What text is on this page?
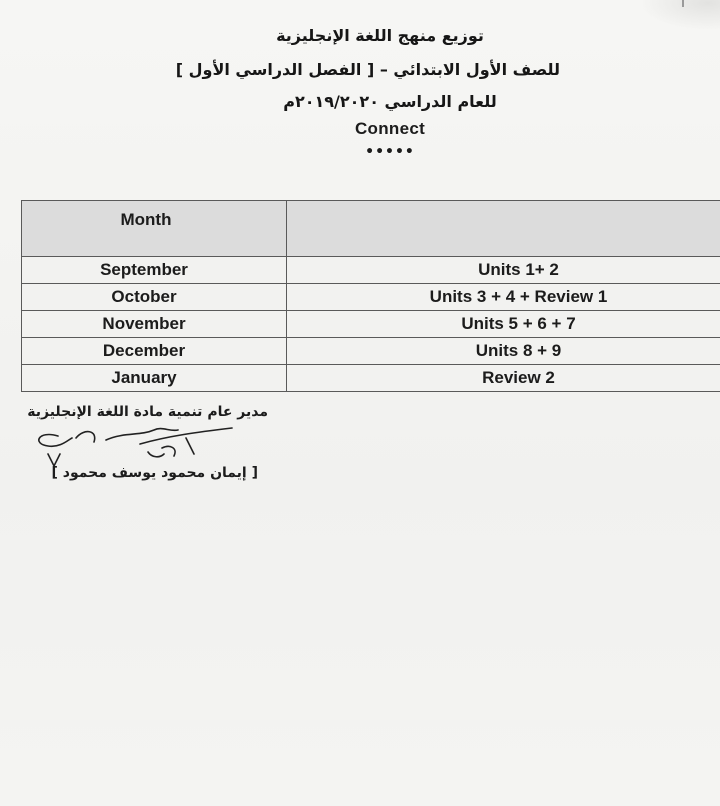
توزيع منهج اللغة الإنجليزية
للصف الأول الابتدائي – [ الفصل الدراسي الأول ]
للعام الدراسي ٢٠١٩/٢٠٢٠م
Connect
•••••
Month	
September	Units 1+ 2
October	Units 3 + 4 + Review 1
November	Units 5 + 6 + 7
December	Units 8 + 9
January	Review 2
مدير عام تنمية مادة اللغة الإنجليزية
[ إيمان محمود يوسف محمود ]
